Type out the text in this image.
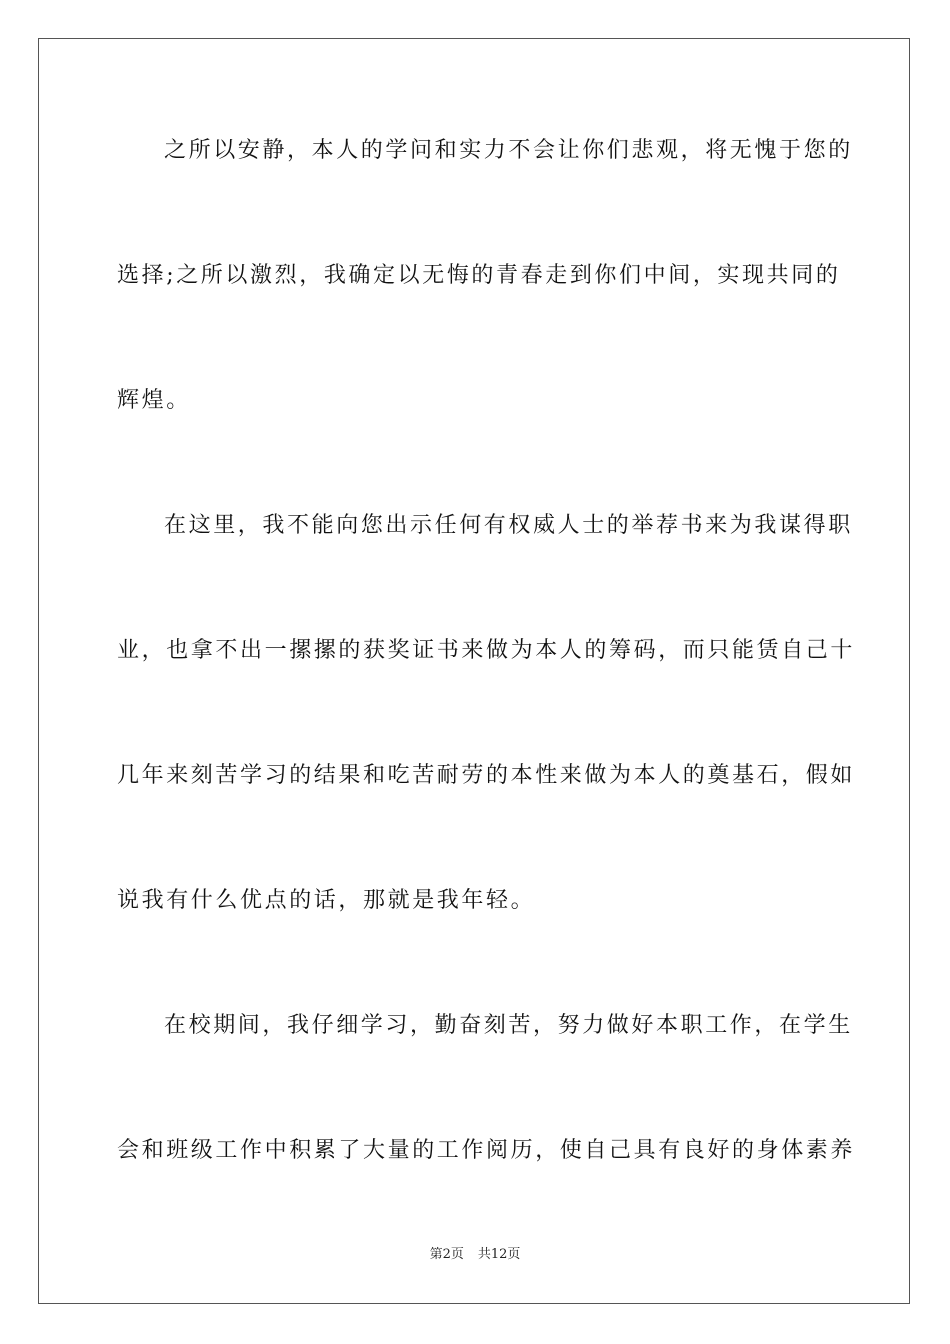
之所以安静，本人的学问和实力不会让你们悲观，将无愧于您的
选择;之所以激烈，我确定以无悔的青春走到你们中间，实现共同的
辉煌。
在这里，我不能向您出示任何有权威人士的举荐书来为我谋得职
业，也拿不出一摞摞的获奖证书来做为本人的筹码，而只能赁自己十
几年来刻苦学习的结果和吃苦耐劳的本性来做为本人的奠基石，假如
说我有什么优点的话，那就是我年轻。
在校期间，我仔细学习，勤奋刻苦，努力做好本职工作，在学生
会和班级工作中积累了大量的工作阅历，使自己具有良好的身体素养
第2页 共12页
